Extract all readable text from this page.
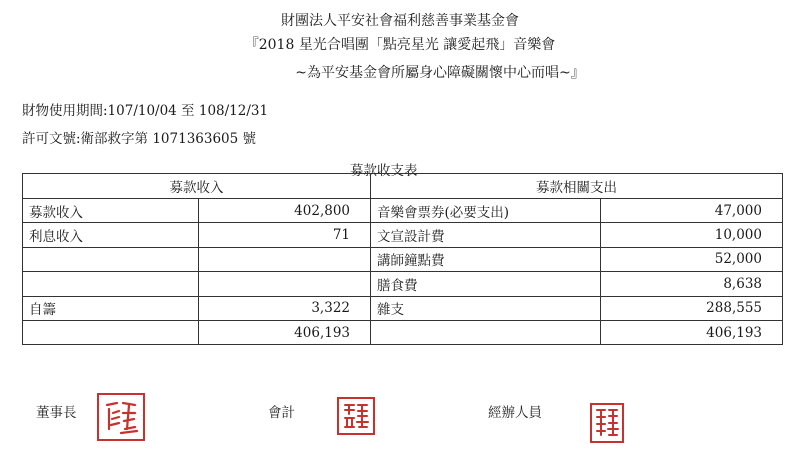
財團法人平安社會福利慈善事業基金會
『2018 星光合唱團「點亮星光 讓愛起飛」音樂會
~為平安基金會所屬身心障礙關懷中心而唱~』
財物使用期間:107/10/04 至 108/12/31
許可文號:衛部救字第 1071363605 號
募款收支表
募款收入		募款相關支出	
募款收入	402,800	音樂會票券(必要支出)	47,000
利息收入	71	文宣設計費	10,000
		講師鐘點費	52,000
		膳食費	8,638
自籌	3,322	雜支	288,555
	406,193		406,193
董事長	會計	經辦人員
